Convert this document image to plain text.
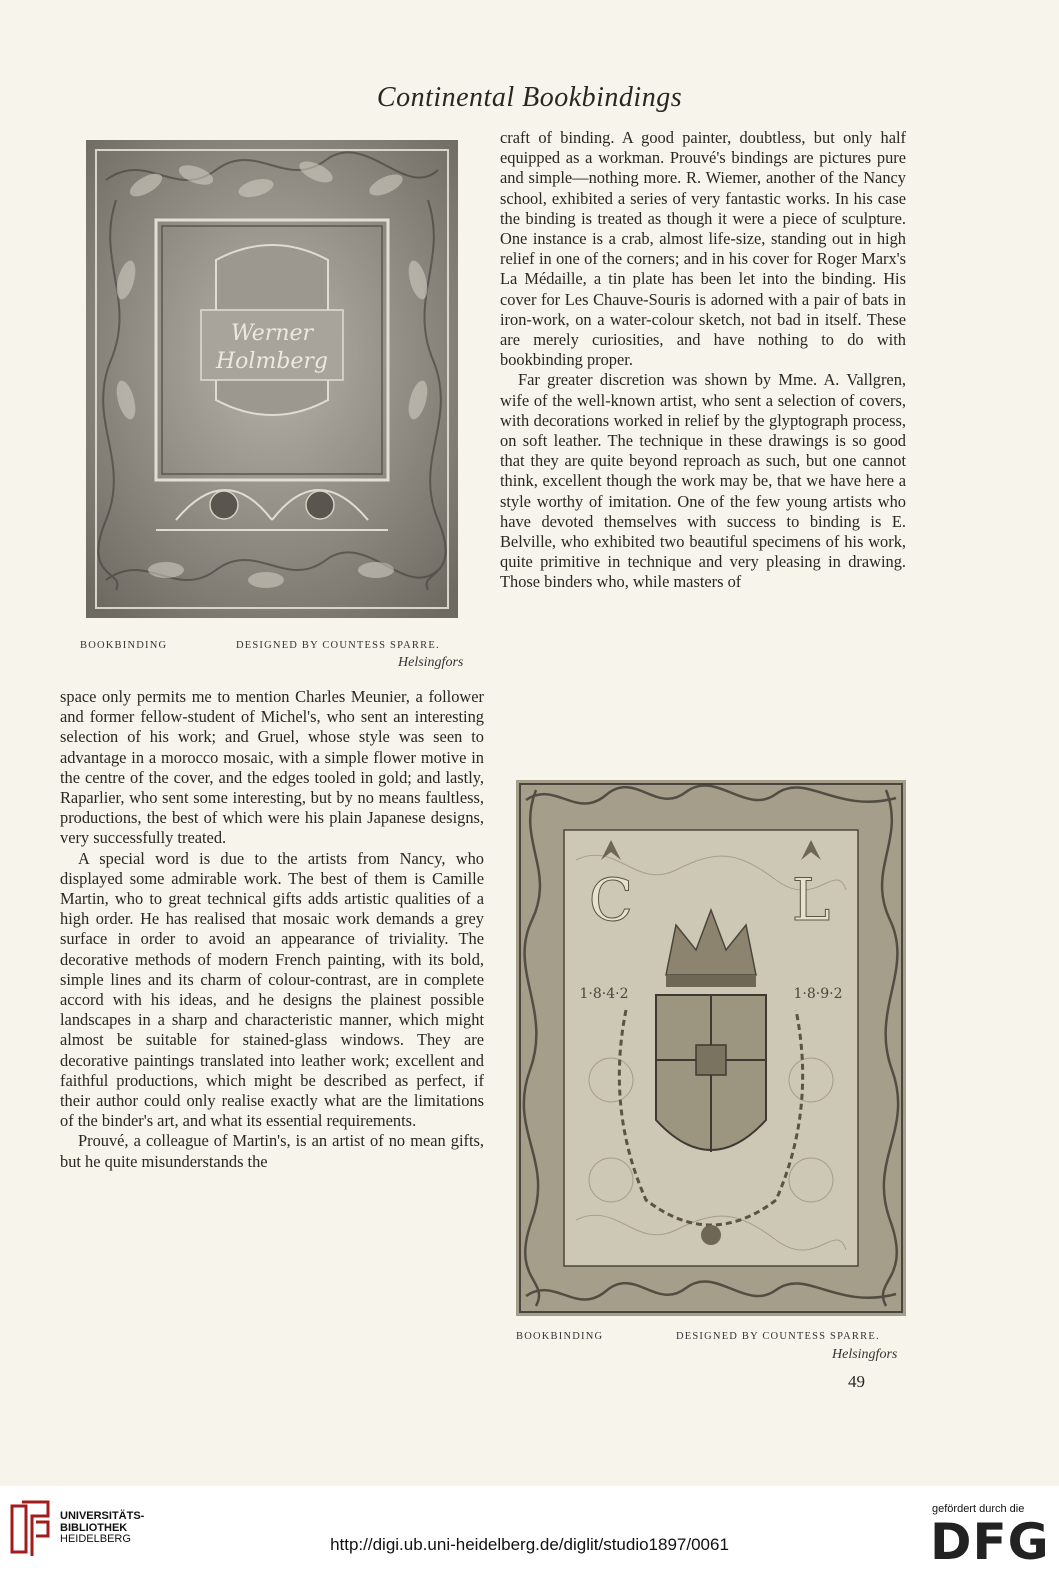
Continental Bookbindings
Werner
Holmberg
BOOKBINDING	DESIGNED BY COUNTESS SPARRE.
Helsingfors

space only permits me to mention Charles Meunier, a follower and former fellow-student of Michel's, who sent an interesting selection of his work; and Gruel, whose style was seen to advantage in a morocco mosaic, with a simple flower motive in the centre of the cover, and the edges tooled in gold; and lastly, Raparlier, who sent some interesting, but by no means faultless, productions, the best of which were his plain Japanese designs, very successfully treated.

A special word is due to the artists from Nancy, who displayed some admirable work. The best of them is Camille Martin, who to great technical gifts adds artistic qualities of a high order. He has realised that mosaic work demands a grey surface in order to avoid an appearance of triviality. The decorative methods of modern French painting, with its bold, simple lines and its charm of colour-contrast, are in complete accord with his ideas, and he designs the plainest possible landscapes in a sharp and characteristic manner, which might almost be suitable for stained-glass windows. They are decorative paintings translated into leather work; excellent and faithful productions, which might be described as perfect, if their author could only realise exactly what are the limitations of the binder's art, and what its essential requirements.

Prouvé, a colleague of Martin's, is an artist of no mean gifts, but he quite misunderstands the

craft of binding. A good painter, doubtless, but only half equipped as a workman. Prouvé's bindings are pictures pure and simple—nothing more. R. Wiemer, another of the Nancy school, exhibited a series of very fantastic works. In his case the binding is treated as though it were a piece of sculpture. One instance is a crab, almost life-size, standing out in high relief in one of the corners; and in his cover for Roger Marx's La Médaille, a tin plate has been let into the binding. His cover for Les Chauve-Souris is adorned with a pair of bats in iron-work, on a water-colour sketch, not bad in itself. These are merely curiosities, and have nothing to do with bookbinding proper.

Far greater discretion was shown by Mme. A. Vallgren, wife of the well-known artist, who sent a selection of covers, with decorations worked in relief by the glyptograph process, on soft leather. The technique in these drawings is so good that they are quite beyond reproach as such, but one cannot think, excellent though the work may be, that we have here a style worthy of imitation. One of the few young artists who have devoted themselves with success to binding is E. Belville, who exhibited two beautiful specimens of his work, quite primitive in technique and very pleasing in drawing. Those binders who, while masters of

C	L
1·8·4·2	1·8·9·2
BOOKBINDING	DESIGNED BY COUNTESS SPARRE.
Helsingfors
49
UNIVERSITÄTS-
BIBLIOTHEK
HEIDELBERG	http://digi.ub.uni-heidelberg.de/diglit/studio1897/0061
gefördert durch die
DFG
